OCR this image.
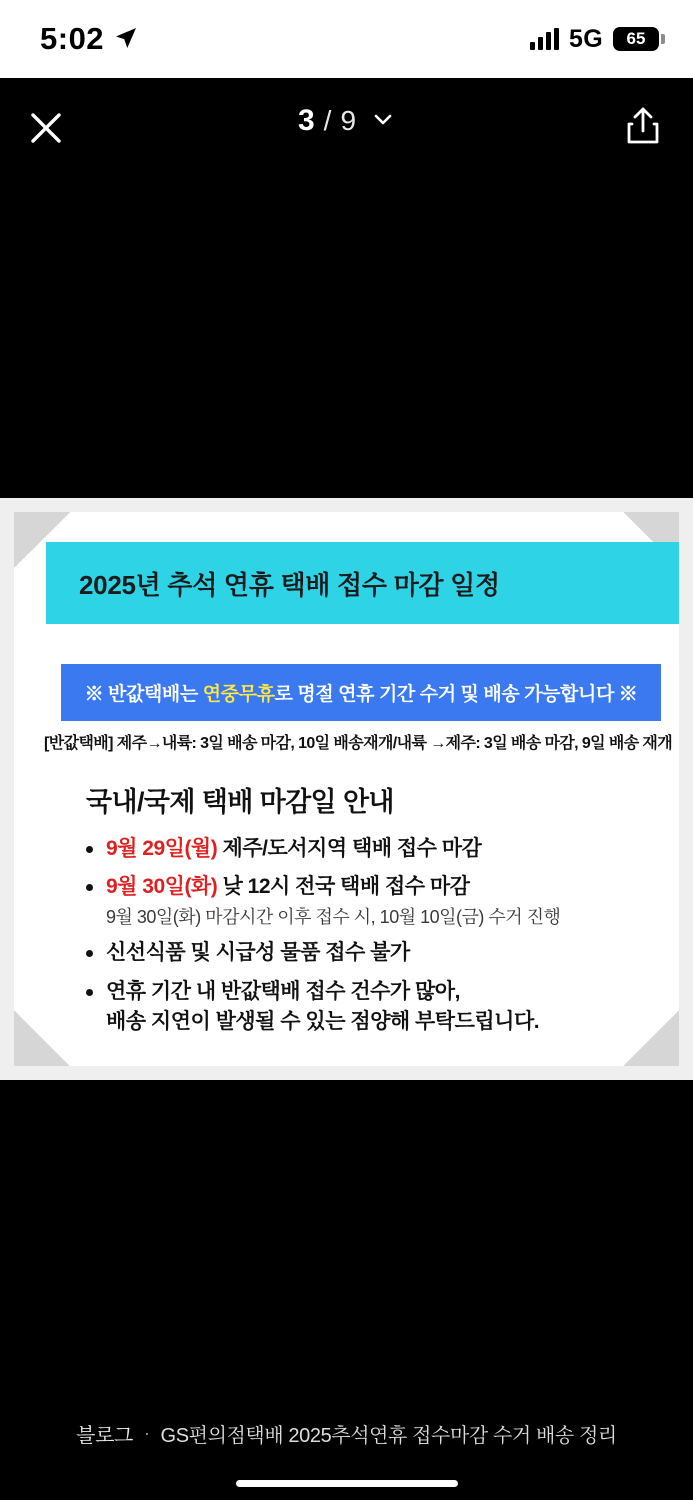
5:02	5G 65
3 / 9
2025년 추석 연휴 택배 접수 마감 일정
※ 반값택배는 연중무휴로 명절 연휴 기간 수거 및 배송 가능합니다 ※
[반값택배] 제주→내륙: 3일 배송 마감, 10일 배송재개/내륙 →제주: 3일 배송 마감, 9일 배송 재개
국내/국제 택배 마감일 안내
9월 29일(월) 제주/도서지역 택배 접수 마감
9월 30일(화) 낮 12시 전국 택배 접수 마감
9월 30일(화) 마감시간 이후 접수 시, 10월 10일(금) 수거 진행
신선식품 및 시급성 물품 접수 불가
연휴 기간 내 반값택배 접수 건수가 많아,
배송 지연이 발생될 수 있는 점양해 부탁드립니다.
블로그 · GS편의점택배 2025추석연휴 접수마감 수거 배송 정리
